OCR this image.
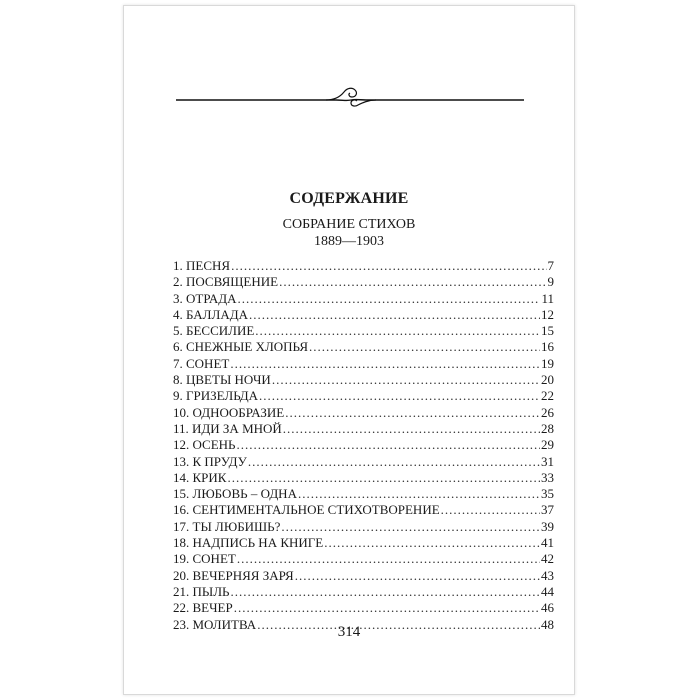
СОДЕРЖАНИЕ
СОБРАНИЕ СТИХОВ
1889—1903
1. ПЕСНЯ .....	7
2. ПОСВЯЩЕНИЕ .....	9
3. ОТРАДА .....	11
4. БАЛЛАДА .....	12
5. БЕССИЛИЕ .....	15
6. СНЕЖНЫЕ ХЛОПЬЯ .....	16
7. СОНЕТ .....	19
8. ЦВЕТЫ НОЧИ .....	20
9. ГРИЗЕЛЬДА .....	22
10. ОДНООБРАЗИЕ .....	26
11. ИДИ ЗА МНОЙ .....	28
12. ОСЕНЬ .....	29
13. К ПРУДУ .....	31
14. КРИК .....	33
15. ЛЮБОВЬ – ОДНА .....	35
16. СЕНТИМЕНТАЛЬНОЕ СТИХОТВОРЕНИЕ .....	37
17. ТЫ ЛЮБИШЬ? .....	39
18. НАДПИСЬ НА КНИГЕ .....	41
19. СОНЕТ .....	42
20. ВЕЧЕРНЯЯ ЗАРЯ .....	43
21. ПЫЛЬ .....	44
22. ВЕЧЕР .....	46
23. МОЛИТВА .....	48
314
